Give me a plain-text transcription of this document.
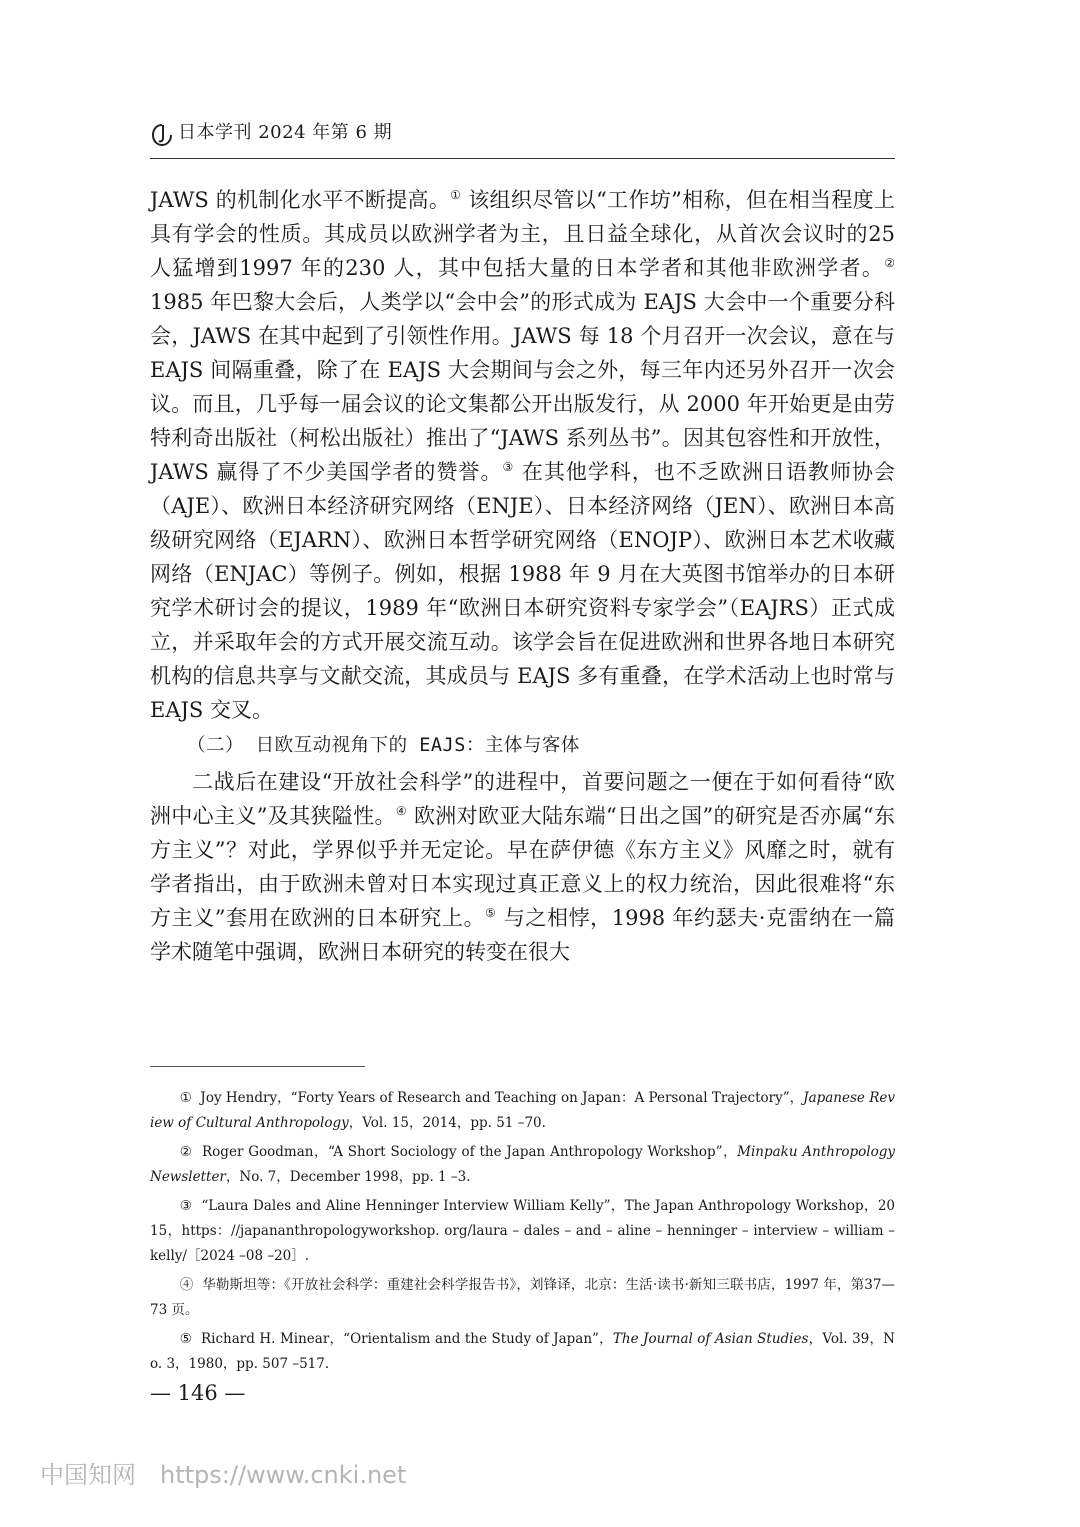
日本学刊 2024 年第 6 期

JAWS 的机制化水平不断提高。① 该组织尽管以“工作坊”相称，但在相当程度上具有学会的性质。其成员以欧洲学者为主，且日益全球化，从首次会议时的25 人猛增到1997 年的230 人，其中包括大量的日本学者和其他非欧洲学者。② 1985 年巴黎大会后，人类学以“会中会”的形式成为 EAJS 大会中一个重要分科会，JAWS 在其中起到了引领性作用。JAWS 每 18 个月召开一次会议，意在与 EAJS 间隔重叠，除了在 EAJS 大会期间与会之外，每三年内还另外召开一次会议。而且，几乎每一届会议的论文集都公开出版发行，从 2000 年开始更是由劳特利奇出版社（柯松出版社）推出了“JAWS 系列丛书”。因其包容性和开放性，JAWS 赢得了不少美国学者的赞誉。③ 在其他学科，也不乏欧洲日语教师协会（AJE）、欧洲日本经济研究网络（ENJE）、日本经济网络（JEN）、欧洲日本高级研究网络（EJARN）、欧洲日本哲学研究网络（ENOJP）、欧洲日本艺术收藏网络（ENJAC）等例子。例如，根据 1988 年 9 月在大英图书馆举办的日本研究学术研讨会的提议，1989 年“欧洲日本研究资料专家学会”（EAJRS）正式成立，并采取年会的方式开展交流互动。该学会旨在促进欧洲和世界各地日本研究机构的信息共享与文献交流，其成员与 EAJS 多有重叠，在学术活动上也时常与 EAJS 交叉。

（二） 日欧互动视角下的 EAJS：主体与客体

二战后在建设“开放社会科学”的进程中，首要问题之一便在于如何看待“欧洲中心主义”及其狭隘性。④ 欧洲对欧亚大陆东端“日出之国”的研究是否亦属“东方主义”？对此，学界似乎并无定论。早在萨伊德《东方主义》风靡之时，就有学者指出，由于欧洲未曾对日本实现过真正意义上的权力统治，因此很难将“东方主义”套用在欧洲的日本研究上。⑤ 与之相悖，1998 年约瑟夫·克雷纳在一篇学术随笔中强调，欧洲日本研究的转变在很大

① Joy Hendry，“Forty Years of Research and Teaching on Japan：A Personal Trajectory”，Japanese Review of Cultural Anthropology，Vol. 15，2014，pp. 51 –70.

② Roger Goodman，“A Short Sociology of the Japan Anthropology Workshop”，Minpaku Anthropology Newsletter，No. 7，December 1998，pp. 1 –3.

③ “Laura Dales and Aline Henninger Interview William Kelly”，The Japan Anthropology Workshop，2015，https：//japananthropologyworkshop. org/laura – dales – and – aline – henninger – interview – william – kelly/［2024 –08 –20］.

④ 华勒斯坦等：《开放社会科学：重建社会科学报告书》，刘锋译，北京：生活·读书·新知三联书店，1997 年，第37—73 页。

⑤ Richard H. Minear，“Orientalism and the Study of Japan”，The Journal of Asian Studies，Vol. 39，No. 3，1980，pp. 507 –517.

— 146 —
中国知网 https://www.cnki.net
